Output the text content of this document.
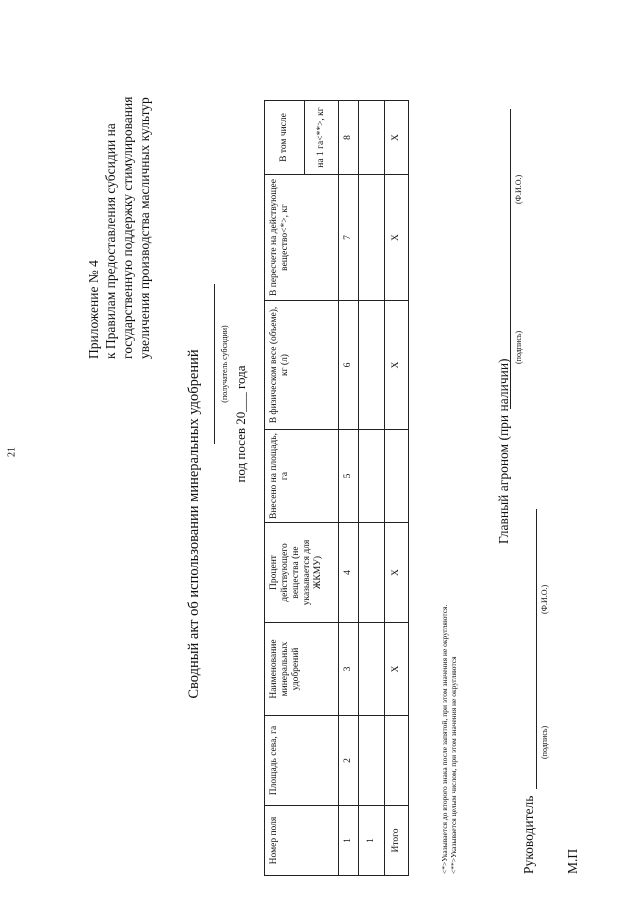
21
Приложение № 4 к Правилам предоставления субсидии на государственную поддержку стимулирования увеличения производства масличных культур
Сводный акт об использовании минеральных удобрений (получатель субсидии)
под посев 20___ года
Номер поля	Площадь сева, га	Наименование минеральных удобрений	Процент действующего вещества (не указывается для ЖКМУ)	Внесено на площадь, га	В физическом весе (объеме), кг (л)	В пересчете на действующее вещество<*>, кг	В том числе
							на 1 га<**>, кг
1	2	3	4	5	6	7	8
1							
Итого		X	X		X	X	X
<*>Указывается до второго знака после запятой, при этом значения не округляются. <**>Указывается целым числом, при этом значения не округляются
Главный агроном (при наличии)
(подпись)
(Ф.И.О.)
Руководитель
(подпись)
(Ф.И.О.)
М.П
